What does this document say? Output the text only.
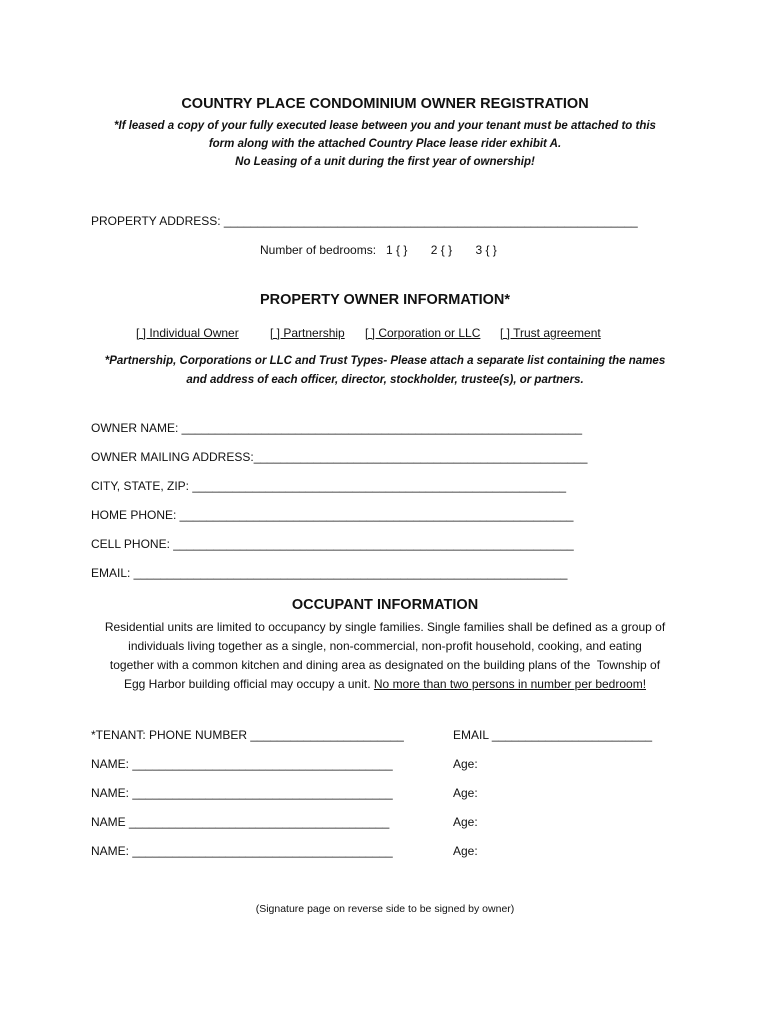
COUNTRY PLACE CONDOMINIUM OWNER REGISTRATION
*If leased a copy of your fully executed lease between you and your tenant must be attached to this
form along with the attached Country Place lease rider exhibit A.
No Leasing of a unit during the first year of ownership!
PROPERTY ADDRESS: ______________________________________________________________
Number of bedrooms:   1 { }       2 { }       3 { }
PROPERTY OWNER INFORMATION*
[ ] Individual Owner	[ ] Partnership [ ] Corporation or LLC [ ] Trust agreement
*Partnership, Corporations or LLC and Trust Types- Please attach a separate list containing the names
and address of each officer, director, stockholder, trustee(s), or partners.
OWNER NAME: ____________________________________________________________
OWNER MAILING ADDRESS:__________________________________________________
CITY, STATE, ZIP: ________________________________________________________
HOME PHONE: ___________________________________________________________
CELL PHONE: ____________________________________________________________
EMAIL: _________________________________________________________________
OCCUPANT INFORMATION
Residential units are limited to occupancy by single families. Single families shall be defined as a group of
individuals living together as a single, non-commercial, non-profit household, cooking, and eating
together with a common kitchen and dining area as designated on the building plans of the  Township of
Egg Harbor building official may occupy a unit. No more than two persons in number per bedroom!
*TENANT: PHONE NUMBER _______________________	EMAIL ________________________
NAME: _______________________________________	Age:
NAME: _______________________________________	Age:
NAME _______________________________________	Age:
NAME: _______________________________________	Age:
(Signature page on reverse side to be signed by owner)
